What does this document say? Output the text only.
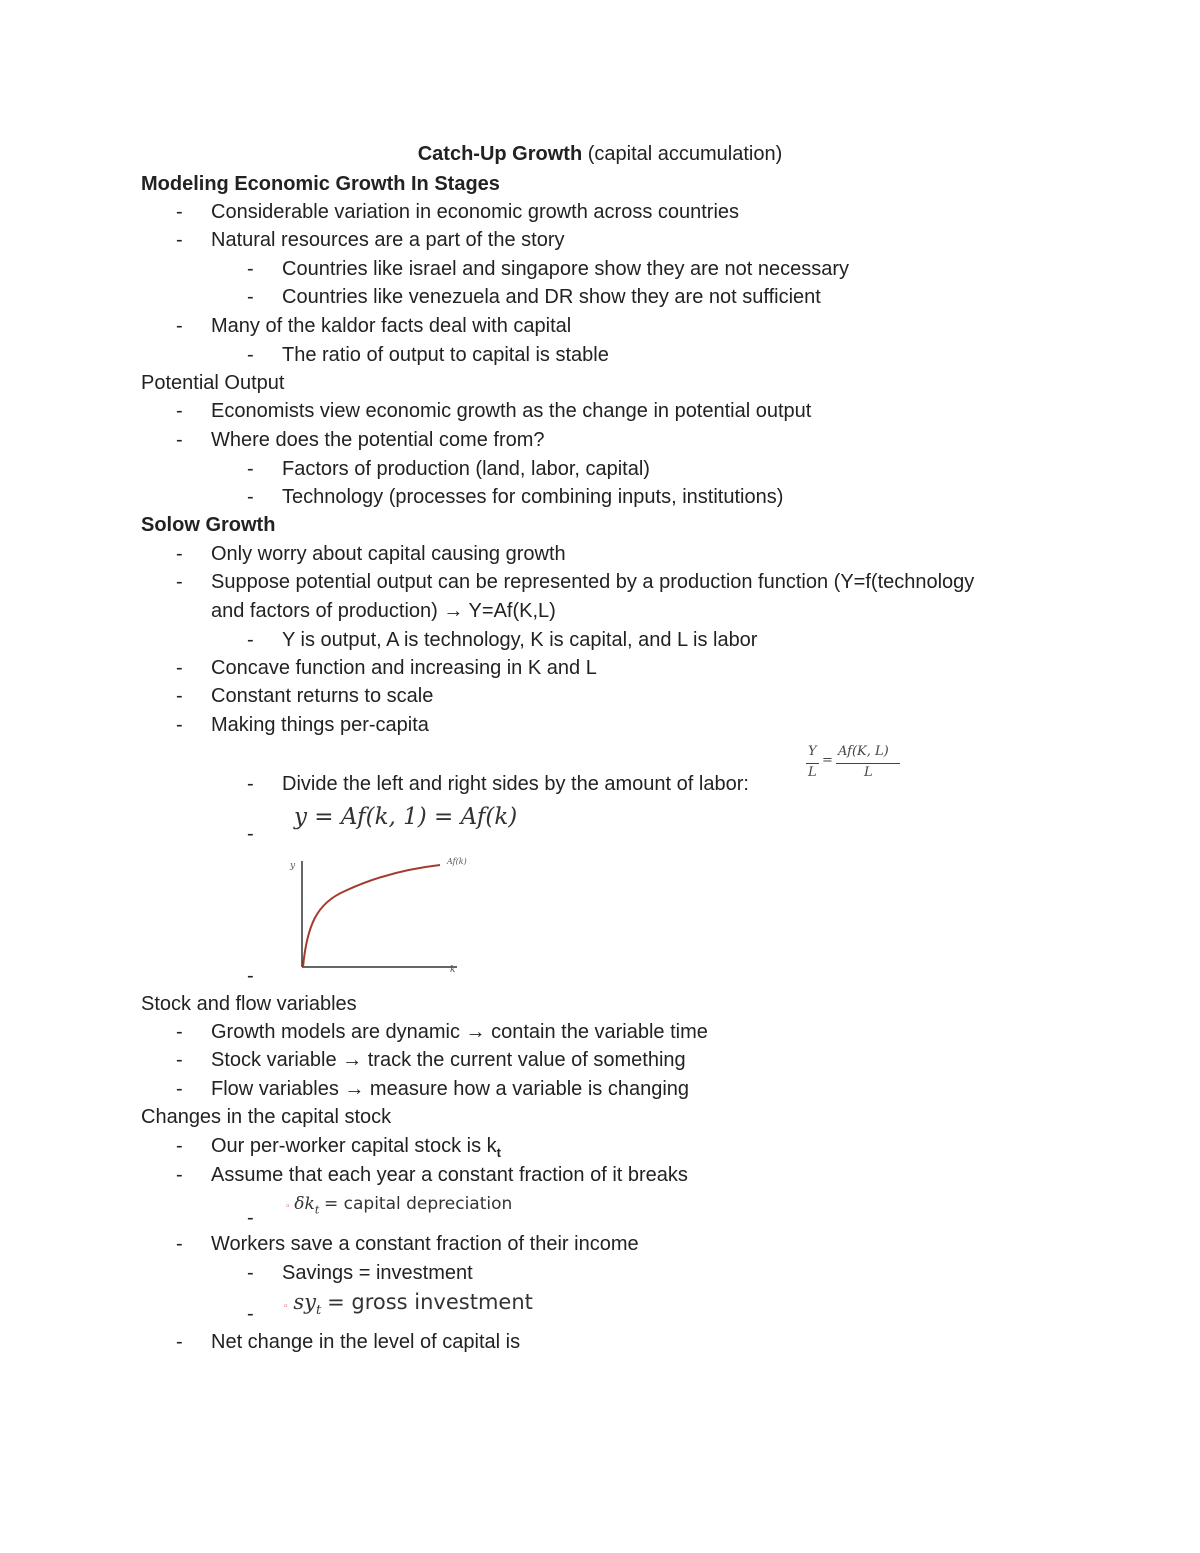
Catch-Up Growth (capital accumulation)
Modeling Economic Growth In Stages
- Considerable variation in economic growth across countries
- Natural resources are a part of the story
- Countries like israel and singapore show they are not necessary
- Countries like venezuela and DR show they are not sufficient
- Many of the kaldor facts deal with capital
- The ratio of output to capital is stable
Potential Output
- Economists view economic growth as the change in potential output
- Where does the potential come from?
- Factors of production (land, labor, capital)
- Technology (processes for combining inputs, institutions)
Solow Growth
- Only worry about capital causing growth
- Suppose potential output can be represented by a production function (Y=f(technology
and factors of production) → Y=Af(K,L)
- Y is output, A is technology, K is capital, and L is labor
- Concave function and increasing in K and L
- Constant returns to scale
- Making things per-capita
- Divide the left and right sides by the amount of labor:
Y
L
=
Af(K, L)
L
-
y = Af(k, 1) = Af(k)
y
k
Af(k)
-
Stock and flow variables
- Growth models are dynamic → contain the variable time
- Stock variable → track the current value of something
- Flow variables → measure how a variable is changing
Changes in the capital stock
- Our per-worker capital stock is $k_t$
- Assume that each year a constant fraction of it breaks
▫ $\delta k_t$ = capital depreciation
-
- Workers save a constant fraction of their income
- Savings = investment
▫ $sy_t$ = gross investment
-
- Net change in the level of capital is
